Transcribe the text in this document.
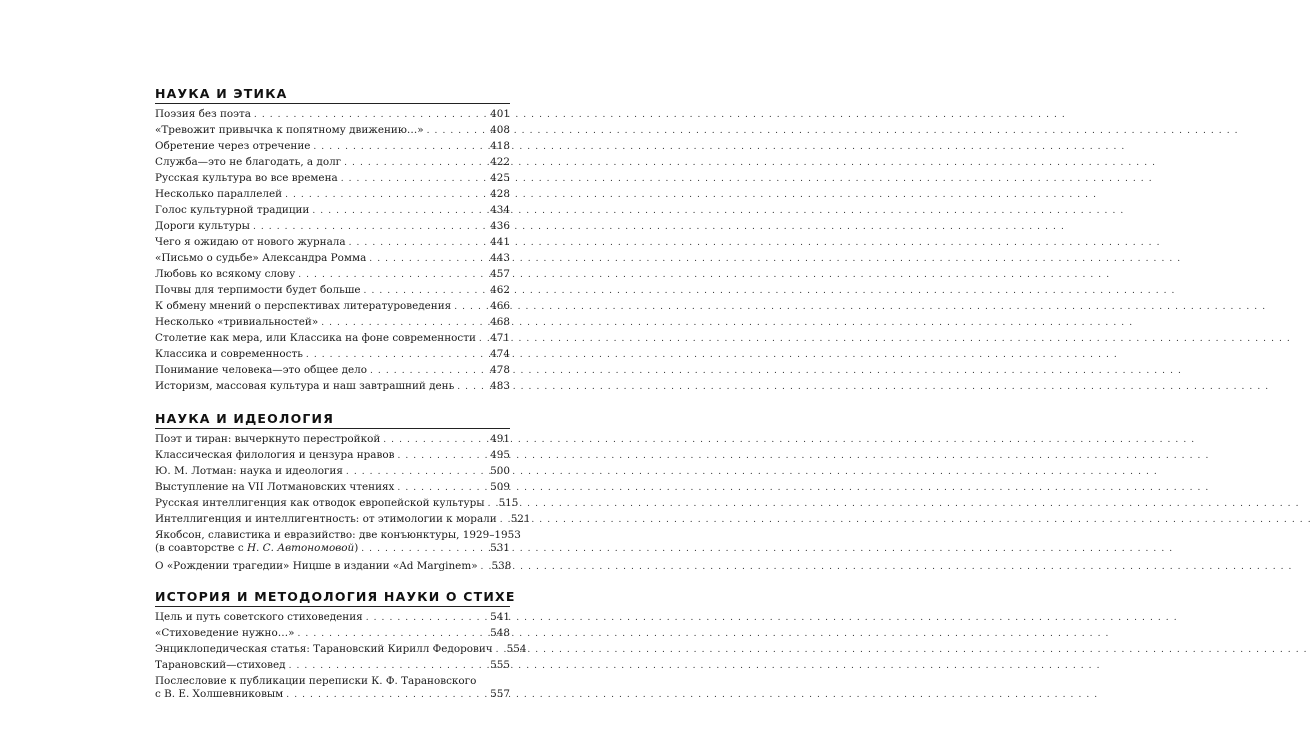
НАУКА И ЭТИКА
Поэзия без поэта . . .	401
«Тревожит привычка к попятному движению…» . . .	408
Обретение через отречение . . .	418
Служба—это не благодать, а долг . . .	422
Русская культура во все времена . . .	425
Несколько параллелей . . .	428
Голос культурной традиции . . .	434
Дороги культуры . . .	436
Чего я ожидаю от нового журнала . . .	441
«Письмо о судьбе» Александра Ромма . . .	443
Любовь ко всякому слову . . .	457
Почвы для терпимости будет больше . . .	462
К обмену мнений о перспективах литературоведения . . .	466
Несколько «тривиальностей» . . .	468
Столетие как мера, или Классика на фоне современности . . . 471
Классика и современность . . .	474
Понимание человека—это общее дело . . .	478
Историзм, массовая культура и наш завтрашний день . . .	483
НАУКА И ИДЕОЛОГИЯ
Поэт и тиран: вычеркнуто перестройкой . . .	491
Классическая филология и цензура нравов . . .	495
Ю. М. Лотман: наука и идеология . . .	500
Выступление на VII Лотмановских чтениях . . .	509
Русская интеллигенция как отводок европейской культуры . . . 515
Интеллигенция и интеллигентность: от этимологии к морали . . . 521
Якобсон, славистика и евразийство: две конъюнктуры, 1929–1953
(в соавторстве с Н. С. Автономовой) . . .	531
О «Рождении трагедии» Ницше в издании «Ad Marginem» . . . 538
ИСТОРИЯ И МЕТОДОЛОГИЯ НАУКИ О СТИХЕ
Цель и путь советского стиховедения . . .	541
«Стиховедение нужно…» . . .	548
Энциклопедическая статья: Тарановский Кирилл Федорович . . . 554
Тарановский—стиховед . . .	555
Послесловие к публикации переписки К. Ф. Тарановского
с В. Е. Холшевниковым . . .	557
